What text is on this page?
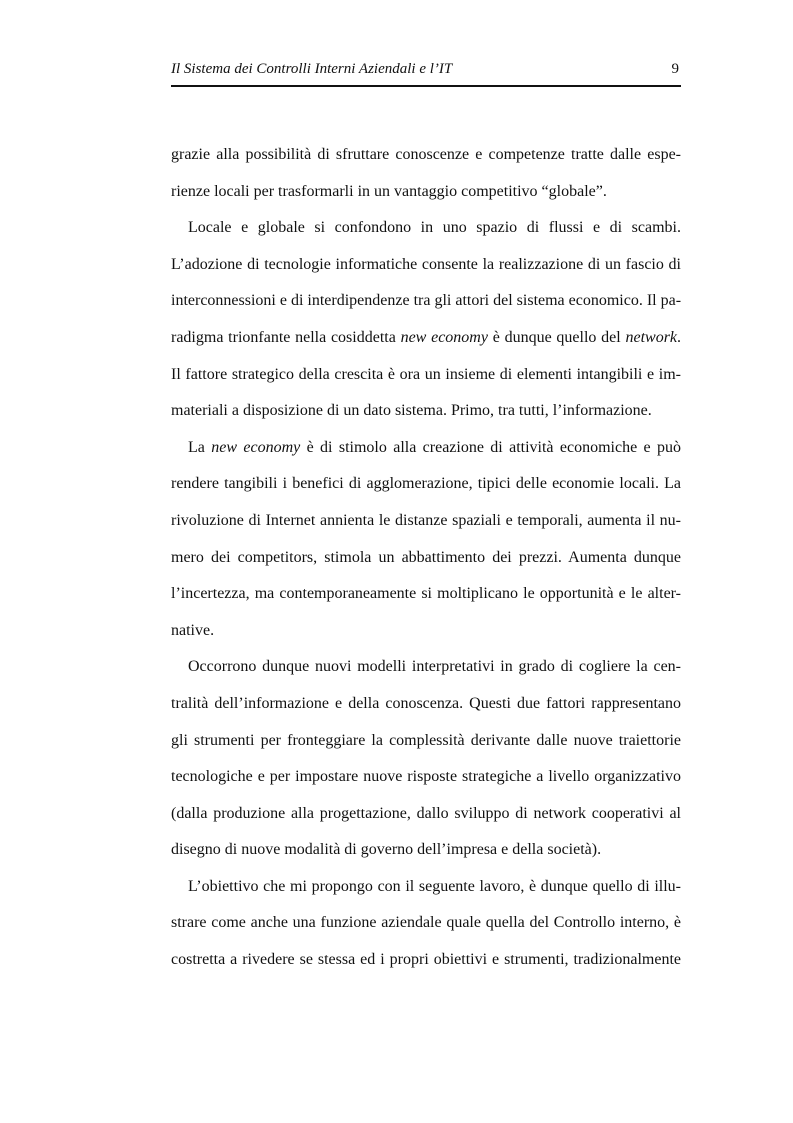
Il Sistema dei Controlli Interni Aziendali e l’IT	9
grazie alla possibilità di sfruttare conoscenze e competenze tratte dalle espe-
rienze locali per trasformarli in un vantaggio competitivo “globale”.
Locale e globale si confondono in uno spazio di flussi e di scambi.
L’adozione di tecnologie informatiche consente la realizzazione di un fascio di
interconnessioni e di interdipendenze tra gli attori del sistema economico. Il pa-
radigma trionfante nella cosiddetta new economy è dunque quello del network.
Il fattore strategico della crescita è ora un insieme di elementi intangibili e im-
materiali a disposizione di un dato sistema. Primo, tra tutti, l’informazione.
La new economy è di stimolo alla creazione di attività economiche e può
rendere tangibili i benefici di agglomerazione, tipici delle economie locali. La
rivoluzione di Internet annienta le distanze spaziali e temporali, aumenta il nu-
mero dei competitors, stimola un abbattimento dei prezzi. Aumenta dunque
l’incertezza, ma contemporaneamente si moltiplicano le opportunità e le alter-
native.
Occorrono dunque nuovi modelli interpretativi in grado di cogliere la cen-
tralità dell’informazione e della conoscenza. Questi due fattori rappresentano
gli strumenti per fronteggiare la complessità derivante dalle nuove traiettorie
tecnologiche e per impostare nuove risposte strategiche a livello organizzativo
(dalla produzione alla progettazione, dallo sviluppo di network cooperativi al
disegno di nuove modalità di governo dell’impresa e della società).
L’obiettivo che mi propongo con il seguente lavoro, è dunque quello di illu-
strare come anche una funzione aziendale quale quella del Controllo interno, è
costretta a rivedere se stessa ed i propri obiettivi e strumenti, tradizionalmente
